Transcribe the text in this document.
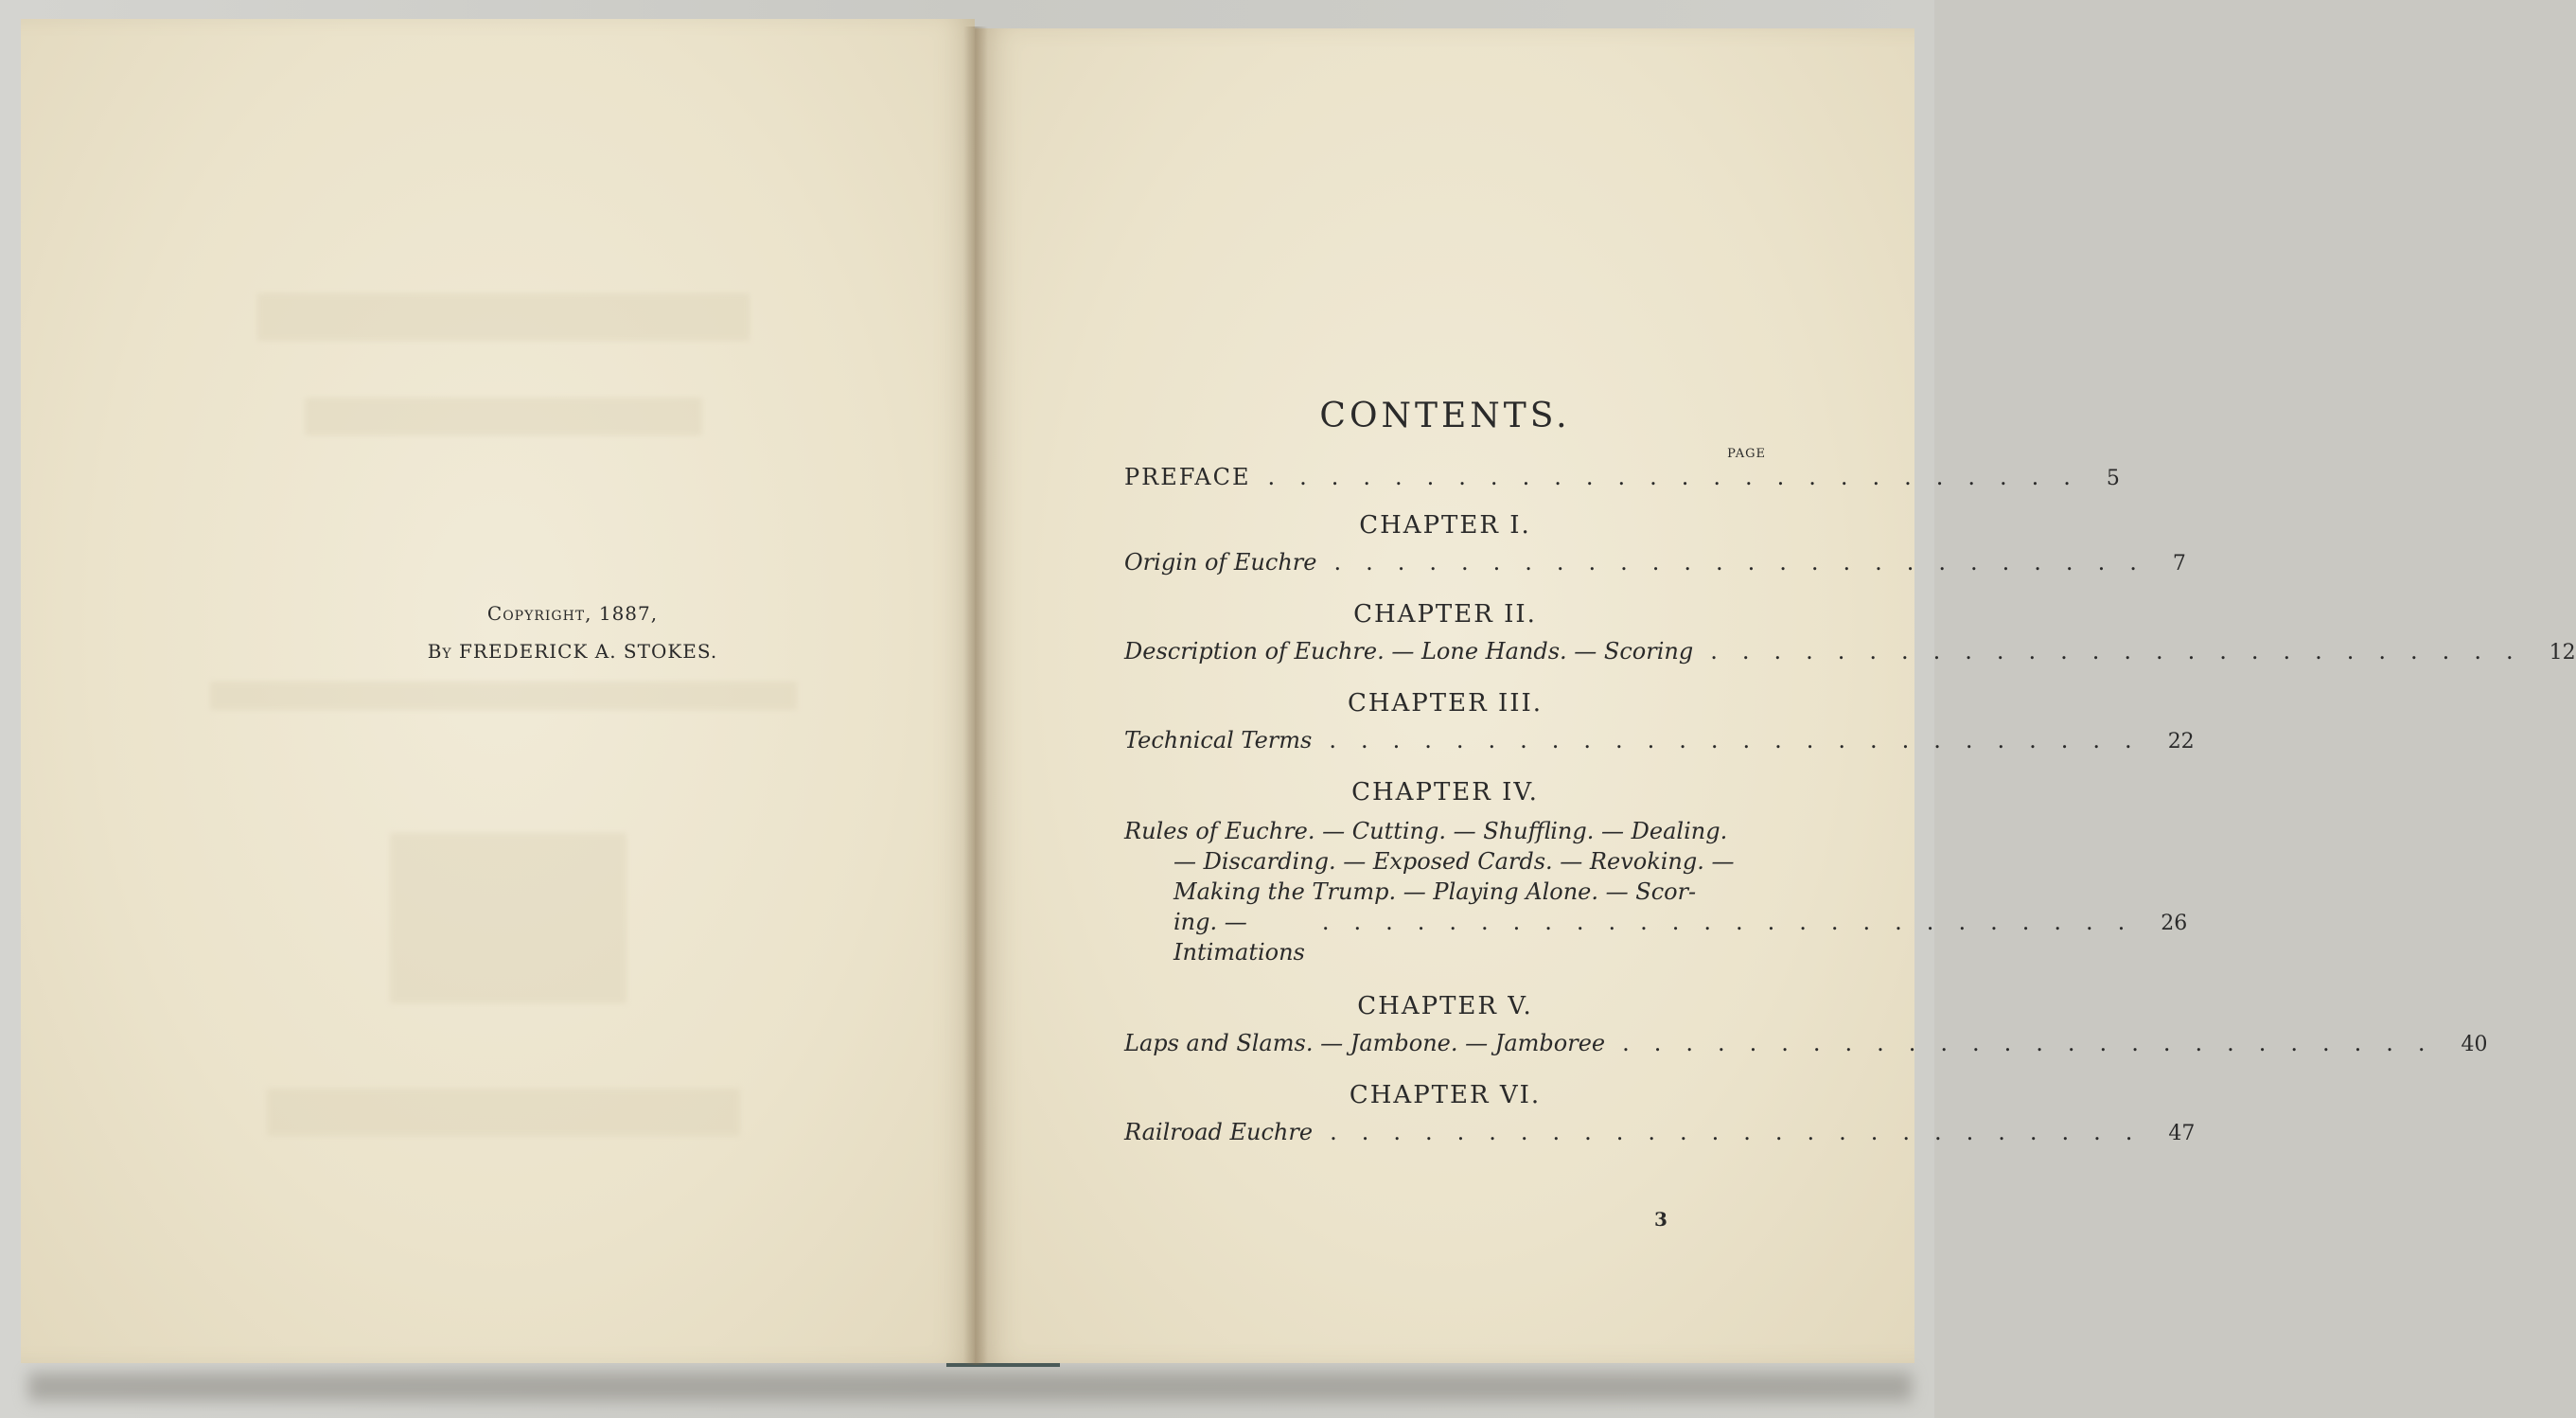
Copyright, 1887,
By FREDERICK A. STOKES.
CONTENTS.
PAGE
PREFACE .......................... 5
CHAPTER I.
Origin of Euchre .......................... 7
CHAPTER II.
Description of Euchre. — Lone Hands. — Scoring .......................... 12
CHAPTER III.
Technical Terms .......................... 22
CHAPTER IV.
Rules of Euchre. — Cutting. — Shuffling. — Dealing.
— Discarding. — Exposed Cards. — Revoking. —
Making the Trump. — Playing Alone. — Scor-
ing. — Intimations
.......................... 26
CHAPTER V.
Laps and Slams. — Jambone. — Jamboree .......................... 40
CHAPTER VI.
Railroad Euchre .......................... 47
3
